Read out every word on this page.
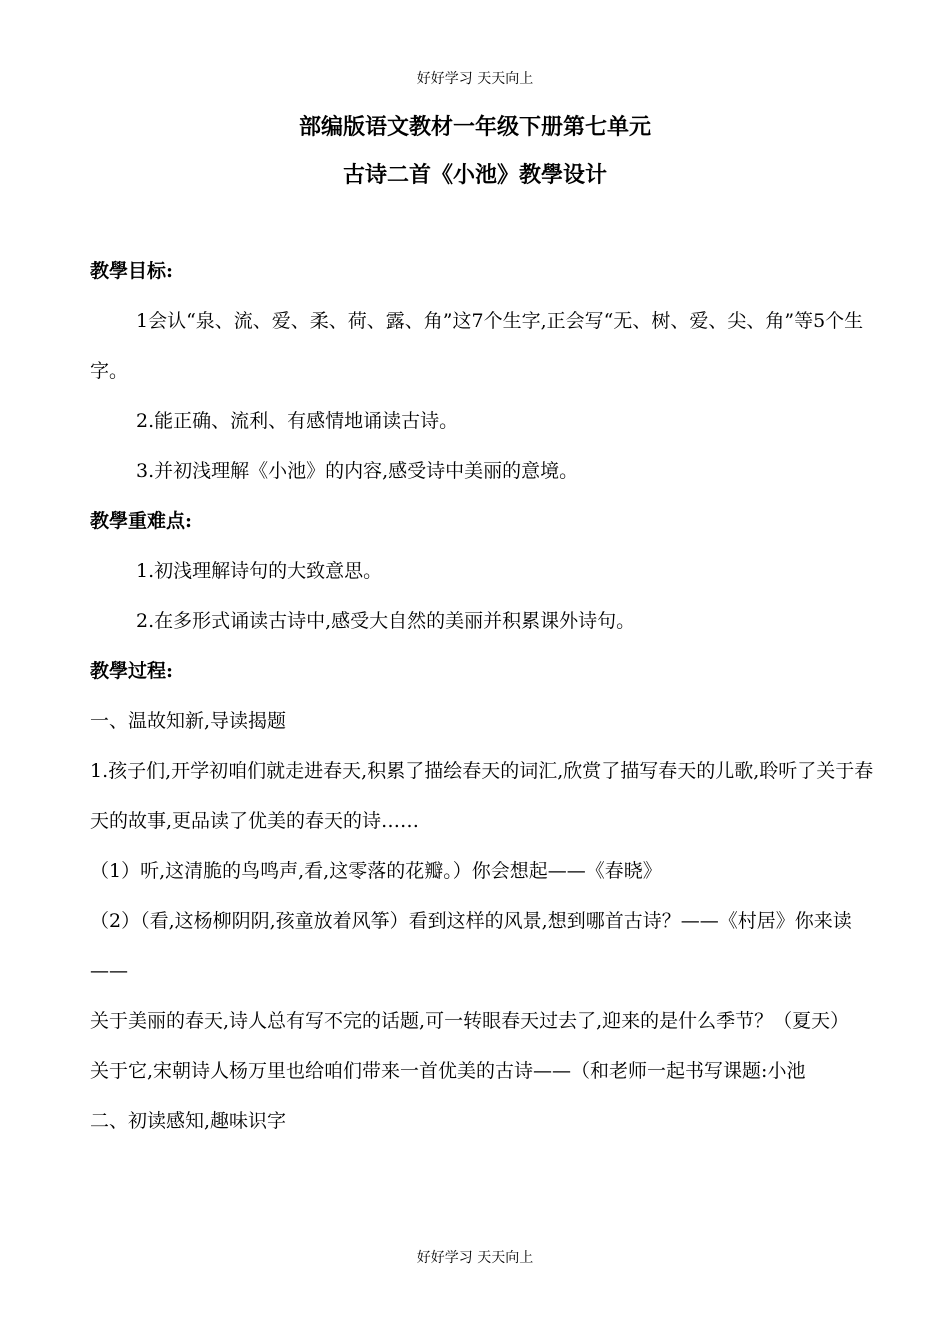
好好学习 天天向上
部编版语文教材一年级下册第七单元
古诗二首《小池》教學设计

教學目标:

1会认“泉、流、爱、柔、荷、露、角”这7个生字,正会写“无、树、爱、尖、角”等5个生字。

2.能正确、流利、有感情地诵读古诗。

3.并初浅理解《小池》的内容,感受诗中美丽的意境。

教學重难点:

1.初浅理解诗句的大致意思。

2.在多形式诵读古诗中,感受大自然的美丽并积累课外诗句。

教學过程:

一、温故知新,导读揭题

1.孩子们,开学初咱们就走进春天,积累了描绘春天的词汇,欣赏了描写春天的儿歌,聆听了关于春天的故事,更品读了优美的春天的诗……

（1）听,这清脆的鸟鸣声,看,这零落的花瓣。）你会想起——《春晓》

（2）（看,这杨柳阴阴,孩童放着风筝）看到这样的风景,想到哪首古诗？——《村居》你来读——

关于美丽的春天,诗人总有写不完的话题,可一转眼春天过去了,迎来的是什么季节？（夏天）

关于它,宋朝诗人杨万里也给咱们带来一首优美的古诗——（和老师一起书写课题:小池

二、初读感知,趣味识字

好好学习 天天向上
